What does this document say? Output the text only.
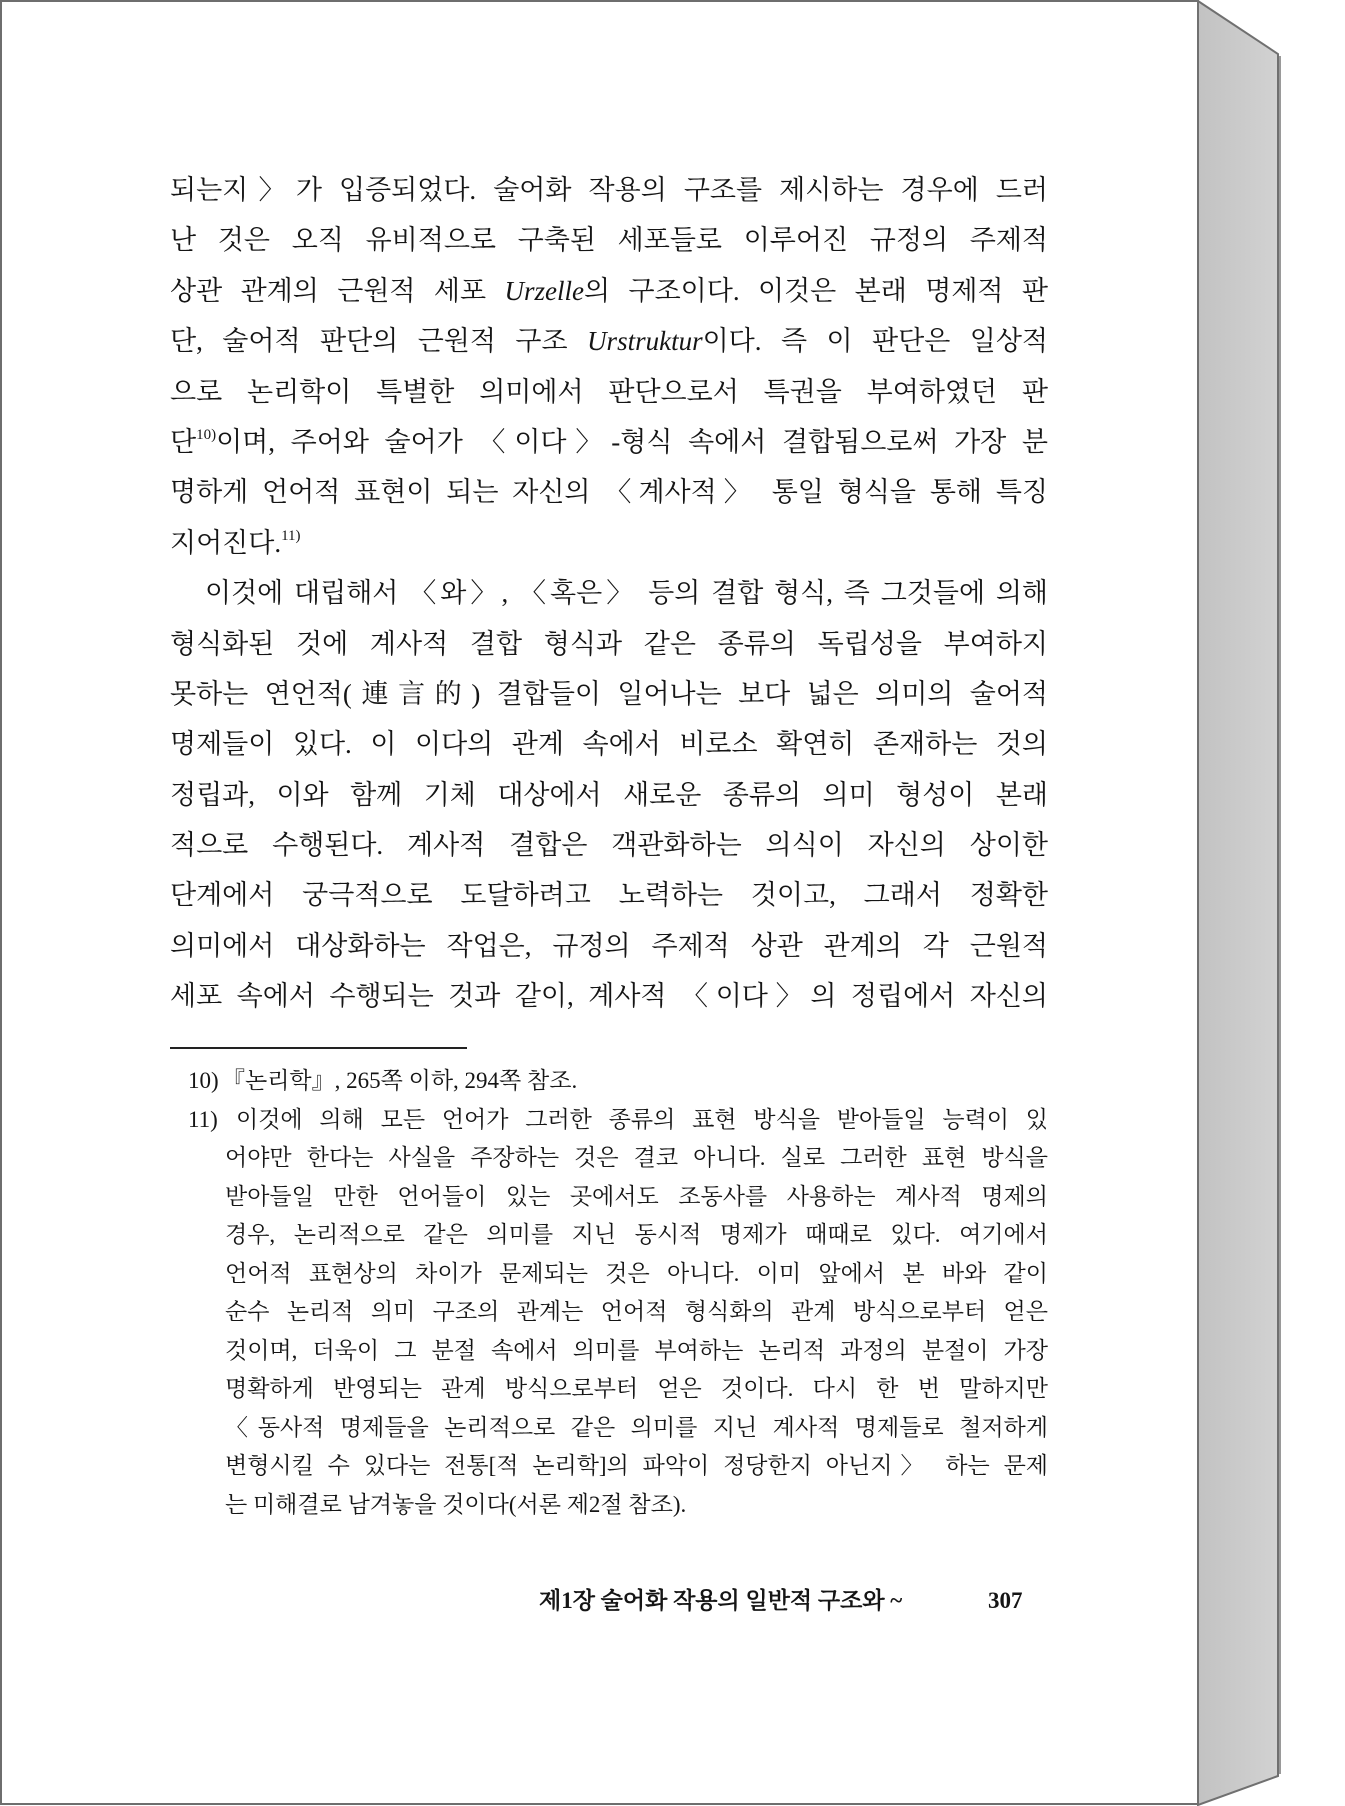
되는지〉가 입증되었다. 술어화 작용의 구조를 제시하는 경우에 드러
난 것은 오직 유비적으로 구축된 세포들로 이루어진 규정의 주제적
상관 관계의 근원적 세포 Urzelle의 구조이다. 이것은 본래 명제적 판
단, 술어적 판단의 근원적 구조 Urstruktur이다. 즉 이 판단은 일상적
으로 논리학이 특별한 의미에서 판단으로서 특권을 부여하였던 판
단$^{10)}$이며, 주어와 술어가 〈이다〉-형식 속에서 결합됨으로써 가장 분
명하게 언어적 표현이 되는 자신의 〈계사적〉 통일 형식을 통해 특징
지어진다.$^{11)}$
이것에 대립해서 〈와〉, 〈혹은〉 등의 결합 형식, 즉 그것들에 의해
형식화된 것에 계사적 결합 형식과 같은 종류의 독립성을 부여하지
못하는 연언적(連言的) 결합들이 일어나는 보다 넓은 의미의 술어적
명제들이 있다. 이 이다의 관계 속에서 비로소 확연히 존재하는 것의
정립과, 이와 함께 기체 대상에서 새로운 종류의 의미 형성이 본래
적으로 수행된다. 계사적 결합은 객관화하는 의식이 자신의 상이한
단계에서 궁극적으로 도달하려고 노력하는 것이고, 그래서 정확한
의미에서 대상화하는 작업은, 규정의 주제적 상관 관계의 각 근원적
세포 속에서 수행되는 것과 같이, 계사적 〈이다〉의 정립에서 자신의
10) 『논리학』, 265쪽 이하, 294쪽 참조.
11) 이것에 의해 모든 언어가 그러한 종류의 표현 방식을 받아들일 능력이 있
어야만 한다는 사실을 주장하는 것은 결코 아니다. 실로 그러한 표현 방식을
받아들일 만한 언어들이 있는 곳에서도 조동사를 사용하는 계사적 명제의
경우, 논리적으로 같은 의미를 지닌 동시적 명제가 때때로 있다. 여기에서
언어적 표현상의 차이가 문제되는 것은 아니다. 이미 앞에서 본 바와 같이
순수 논리적 의미 구조의 관계는 언어적 형식화의 관계 방식으로부터 얻은
것이며, 더욱이 그 분절 속에서 의미를 부여하는 논리적 과정의 분절이 가장
명확하게 반영되는 관계 방식으로부터 얻은 것이다. 다시 한 번 말하지만
〈동사적 명제들을 논리적으로 같은 의미를 지닌 계사적 명제들로 철저하게
변형시킬 수 있다는 전통[적 논리학]의 파악이 정당한지 아닌지〉 하는 문제
는 미해결로 남겨놓을 것이다(서론 제2절 참조).
제1장 술어화 작용의 일반적 구조와 ~	307
